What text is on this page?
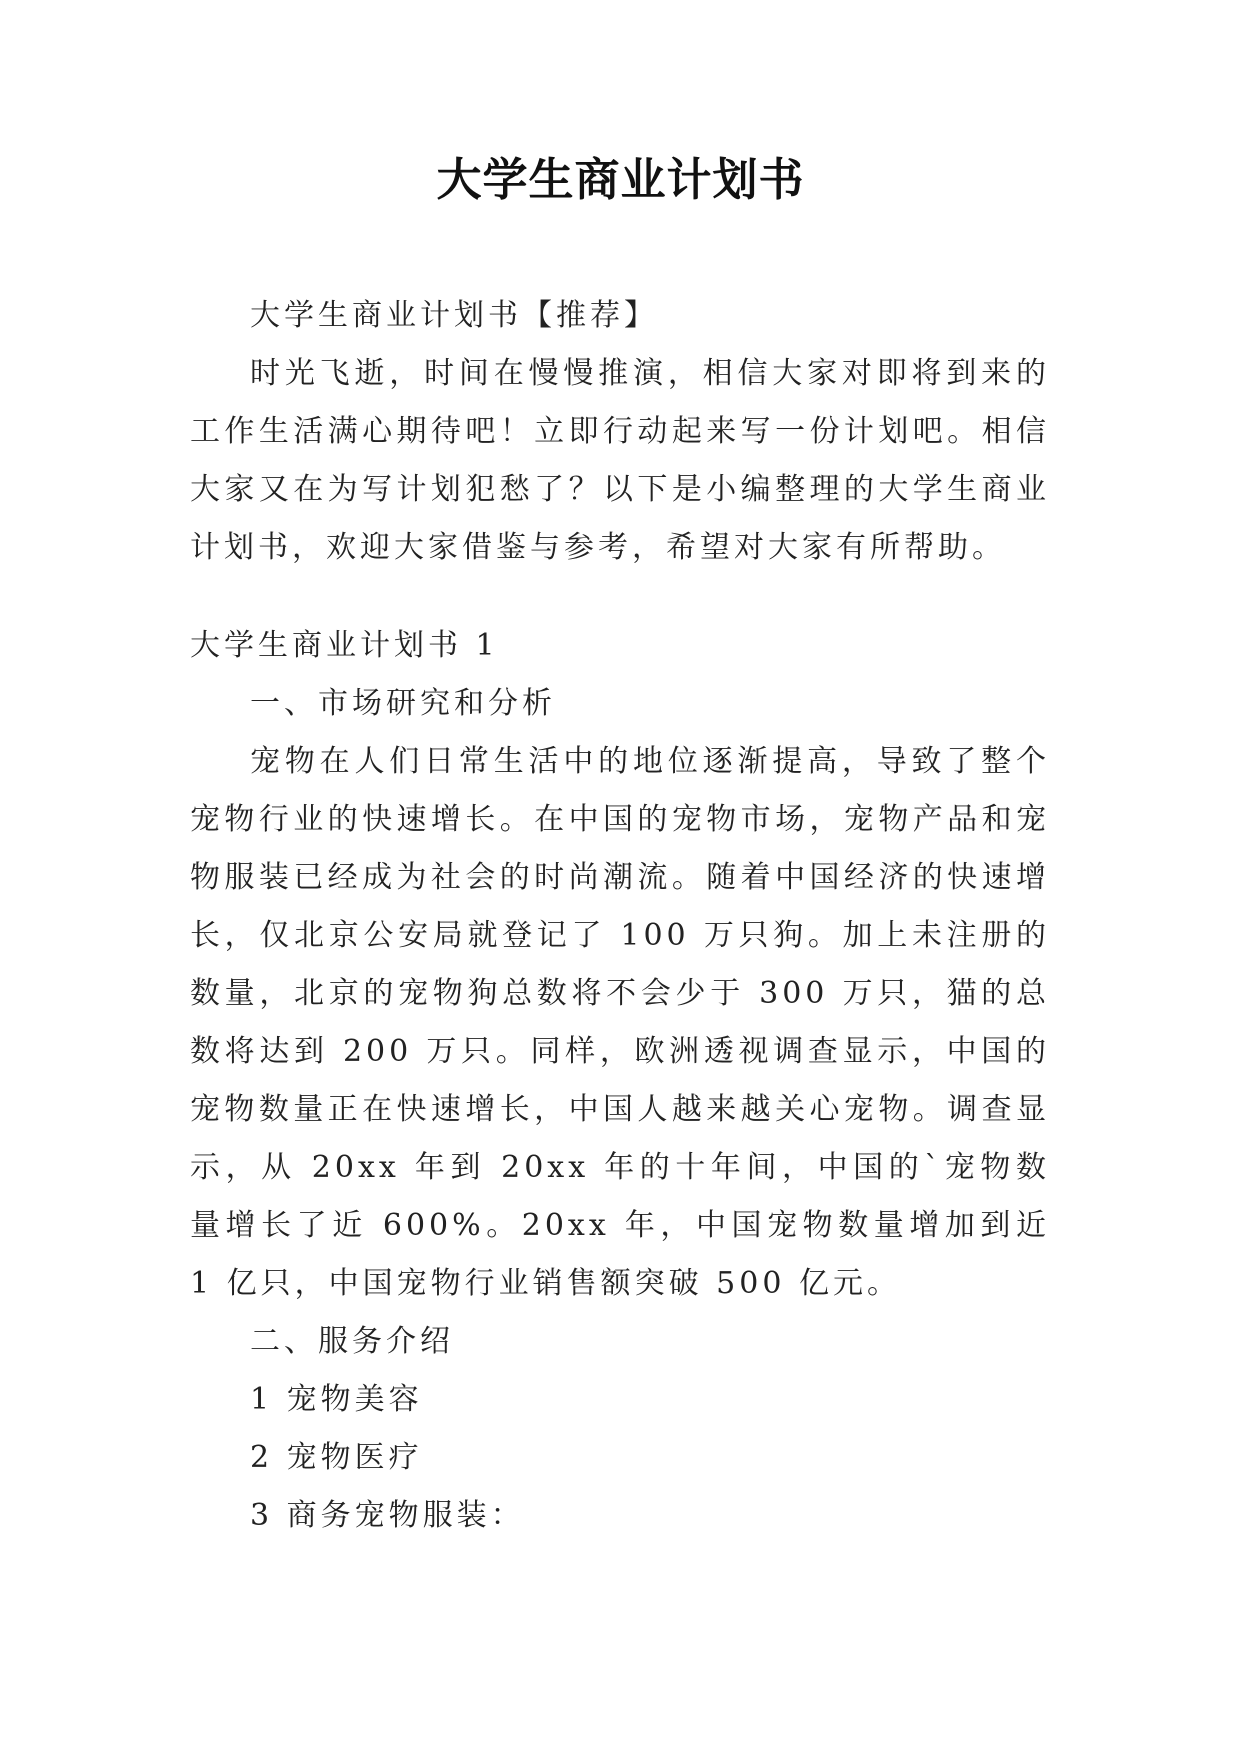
大学生商业计划书

大学生商业计划书【推荐】

时光飞逝，时间在慢慢推演，相信大家对即将到来的工作生活满心期待吧！立即行动起来写一份计划吧。相信大家又在为写计划犯愁了？以下是小编整理的大学生商业计划书，欢迎大家借鉴与参考，希望对大家有所帮助。

大学生商业计划书 1

一、市场研究和分析

宠物在人们日常生活中的地位逐渐提高，导致了整个宠物行业的快速增长。在中国的宠物市场，宠物产品和宠物服装已经成为社会的时尚潮流。随着中国经济的快速增长，仅北京公安局就登记了 100 万只狗。加上未注册的数量，北京的宠物狗总数将不会少于 300 万只，猫的总数将达到 200 万只。同样，欧洲透视调查显示，中国的宠物数量正在快速增长，中国人越来越关心宠物。调查显示，从 20xx 年到 20xx 年的十年间，中国的`宠物数量增长了近 600%。20xx 年，中国宠物数量增加到近 1 亿只，中国宠物行业销售额突破 500 亿元。

二、服务介绍

1 宠物美容

2 宠物医疗

3 商务宠物服装：
